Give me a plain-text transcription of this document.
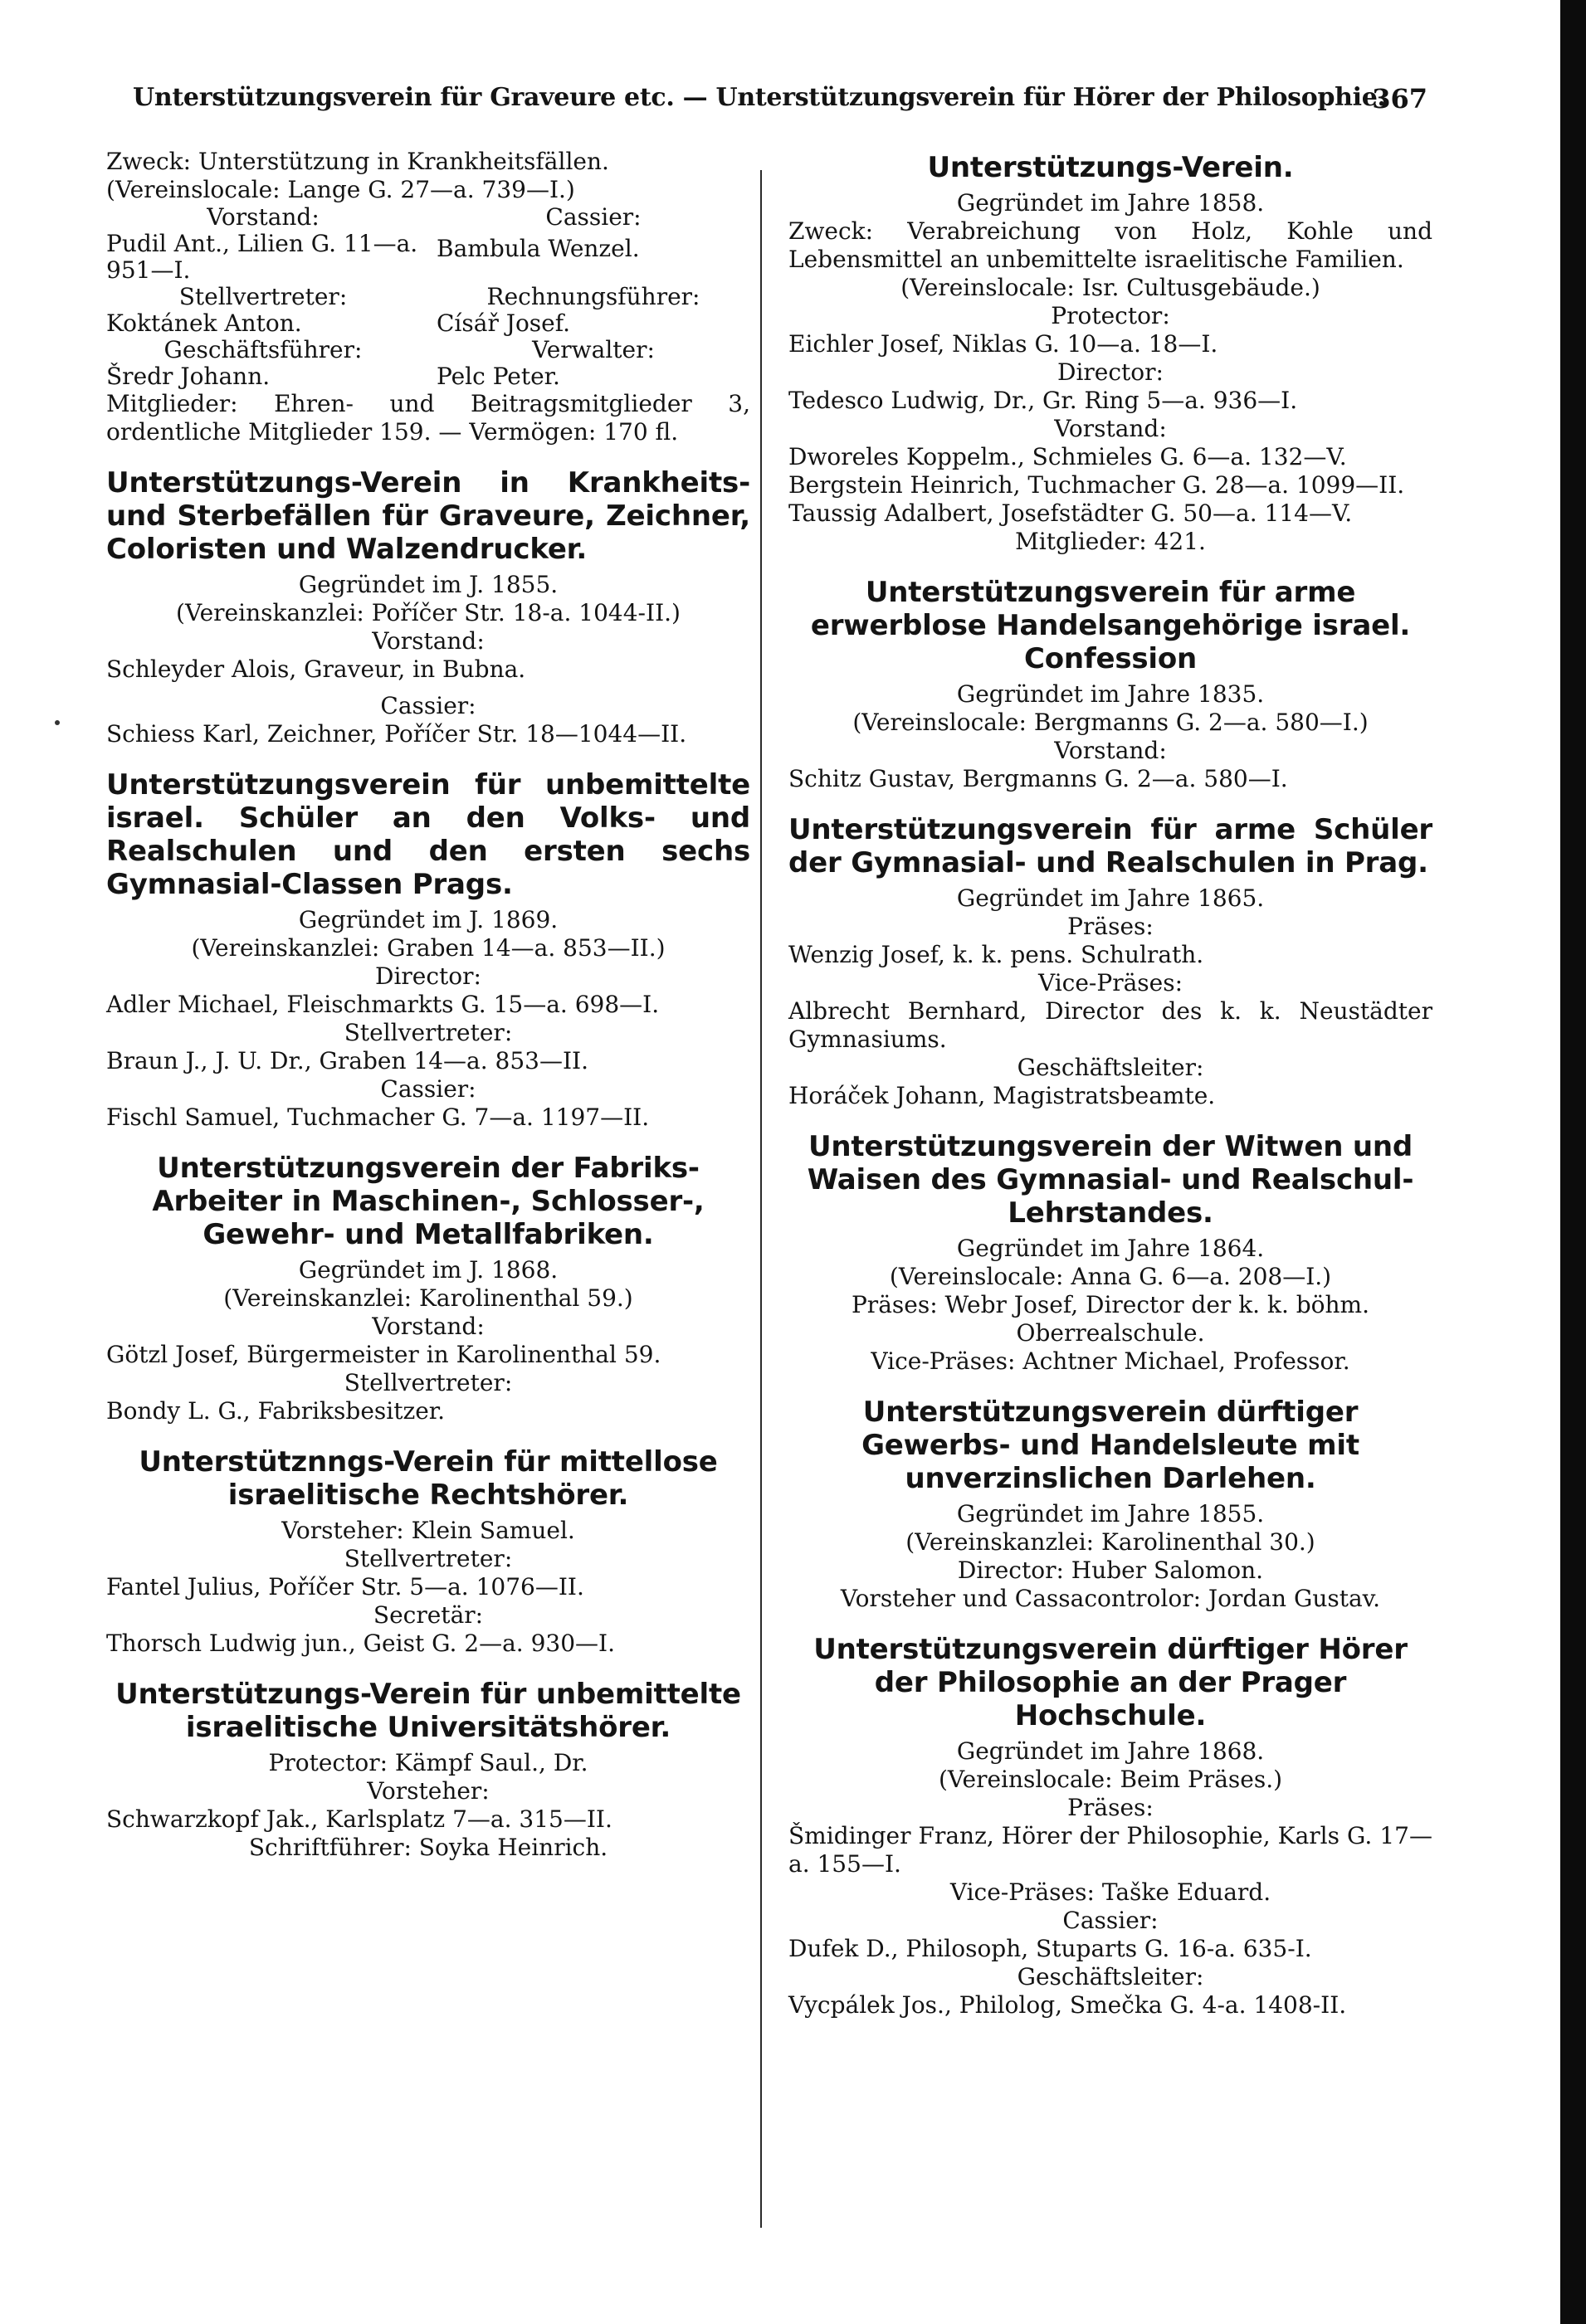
Unterstützungsverein für Graveure etc. — Unterstützungsverein für Hörer der Philosophie.
367
Zweck: Unterstützung in Krankheitsfällen.
(Vereinslocale: Lange G. 27—a. 739—I.)
Vorstand:
Pudil Ant., Lilien G. 11—a. 951—I.
Stellvertreter:
Koktánek Anton.
Geschäftsführer:
Šredr Johann.
Cassier:
Bambula Wenzel.
Rechnungsführer:
Císář Josef.
Verwalter:
Pelc Peter.
Mitglieder: Ehren- und Beitragsmitglieder 3, ordentliche Mitglieder 159. — Vermögen: 170 fl.
Unterstützungs-Verein in Krankheits- und Sterbefällen für Graveure, Zeichner, Coloristen und Walzendrucker.
Gegründet im J. 1855.
(Vereinskanzlei: Poříčer Str. 18-a. 1044-II.)
Vorstand:
Schleyder Alois, Graveur, in Bubna.
Cassier:
Schiess Karl, Zeichner, Poříčer Str. 18—1044—II.
Unterstützungsverein für unbemittelte israel. Schüler an den Volks- und Realschulen und den ersten sechs Gymnasial-Classen Prags.
Gegründet im J. 1869.
(Vereinskanzlei: Graben 14—a. 853—II.)
Director:
Adler Michael, Fleischmarkts G. 15—a. 698—I.
Stellvertreter:
Braun J., J. U. Dr., Graben 14—a. 853—II.
Cassier:
Fischl Samuel, Tuchmacher G. 7—a. 1197—II.
Unterstützungsverein der Fabriks-Arbeiter in Maschinen-, Schlosser-, Gewehr- und Metallfabriken.
Gegründet im J. 1868.
(Vereinskanzlei: Karolinenthal 59.)
Vorstand:
Götzl Josef, Bürgermeister in Karolinenthal 59.
Stellvertreter:
Bondy L. G., Fabriksbesitzer.
Unterstütznngs-Verein für mittellose israelitische Rechtshörer.
Vorsteher: Klein Samuel.
Stellvertreter:
Fantel Julius, Poříčer Str. 5—a. 1076—II.
Secretär:
Thorsch Ludwig jun., Geist G. 2—a. 930—I.
Unterstützungs-Verein für unbemittelte israelitische Universitätshörer.
Protector: Kämpf Saul., Dr.
Vorsteher:
Schwarzkopf Jak., Karlsplatz 7—a. 315—II.
Schriftführer: Soyka Heinrich.
Unterstützungs-Verein.
Gegründet im Jahre 1858.
Zweck: Verabreichung von Holz, Kohle und Lebensmittel an unbemittelte israelitische Familien.
(Vereinslocale: Isr. Cultusgebäude.)
Protector:
Eichler Josef, Niklas G. 10—a. 18—I.
Director:
Tedesco Ludwig, Dr., Gr. Ring 5—a. 936—I.
Vorstand:
Dworeles Koppelm., Schmieles G. 6—a. 132—V.
Bergstein Heinrich, Tuchmacher G. 28—a. 1099—II.
Taussig Adalbert, Josefstädter G. 50—a. 114—V.
Mitglieder: 421.
Unterstützungsverein für arme erwerblose Handelsangehörige israel. Confession
Gegründet im Jahre 1835.
(Vereinslocale: Bergmanns G. 2—a. 580—I.)
Vorstand:
Schitz Gustav, Bergmanns G. 2—a. 580—I.
Unterstützungsverein für arme Schüler der Gymnasial- und Realschulen in Prag.
Gegründet im Jahre 1865.
Präses:
Wenzig Josef, k. k. pens. Schulrath.
Vice-Präses:
Albrecht Bernhard, Director des k. k. Neustädter Gymnasiums.
Geschäftsleiter:
Horáček Johann, Magistratsbeamte.
Unterstützungsverein der Witwen und Waisen des Gymnasial- und Realschul-Lehrstandes.
Gegründet im Jahre 1864.
(Vereinslocale: Anna G. 6—a. 208—I.)
Präses: Webr Josef, Director der k. k. böhm. Oberrealschule.
Vice-Präses: Achtner Michael, Professor.
Unterstützungsverein dürftiger Gewerbs- und Handelsleute mit unverzinslichen Darlehen.
Gegründet im Jahre 1855.
(Vereinskanzlei: Karolinenthal 30.)
Director: Huber Salomon.
Vorsteher und Cassacontrolor: Jordan Gustav.
Unterstützungsverein dürftiger Hörer der Philosophie an der Prager Hochschule.
Gegründet im Jahre 1868.
(Vereinslocale: Beim Präses.)
Präses:
Šmidinger Franz, Hörer der Philosophie, Karls G. 17—a. 155—I.
Vice-Präses: Taške Eduard.
Cassier:
Dufek D., Philosoph, Stuparts G. 16-a. 635-I.
Geschäftsleiter:
Vycpálek Jos., Philolog, Smečka G. 4-a. 1408-II.
